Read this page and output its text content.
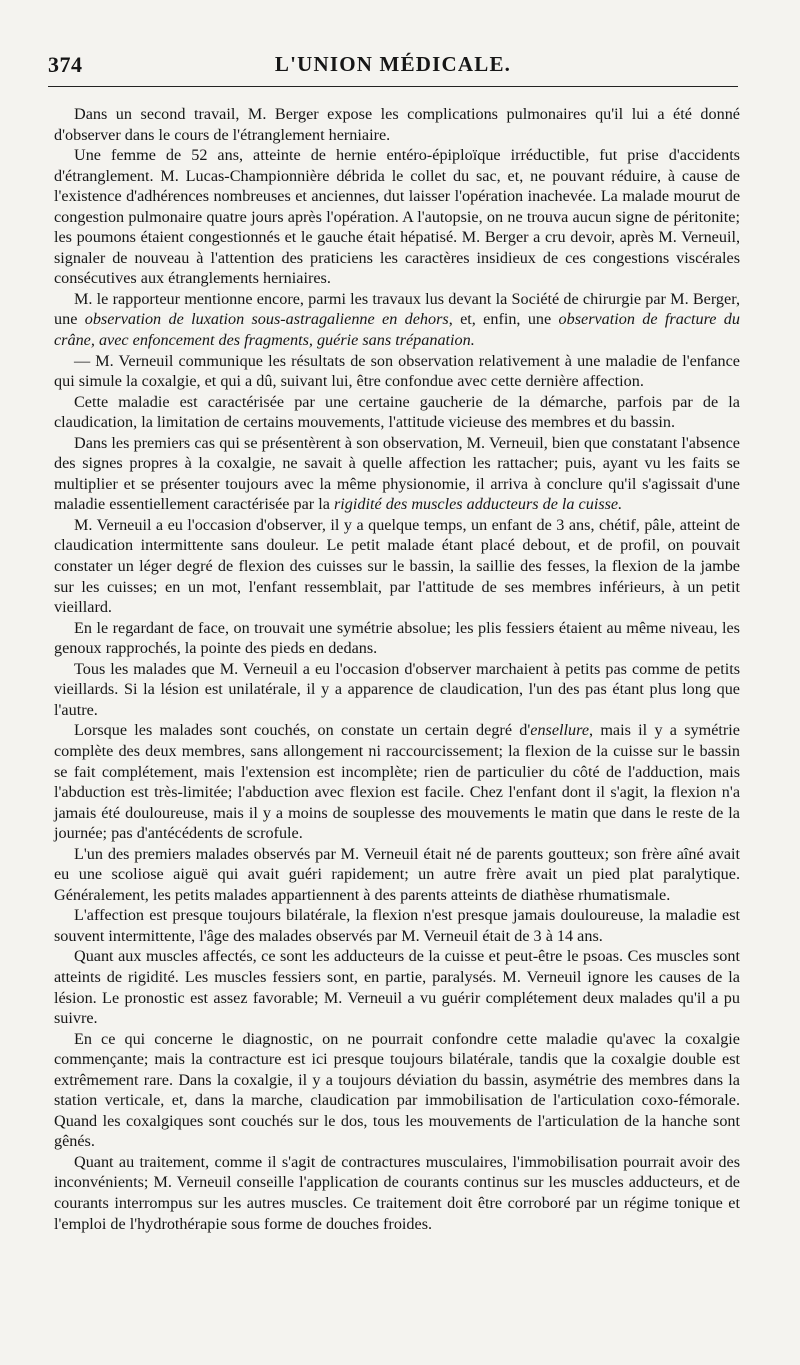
374	L'UNION MÉDICALE.

Dans un second travail, M. Berger expose les complications pulmonaires qu'il lui a été donné d'observer dans le cours de l'étranglement herniaire.

Une femme de 52 ans, atteinte de hernie entéro-épiploïque irréductible, fut prise d'accidents d'étranglement. M. Lucas-Championnière débrida le collet du sac, et, ne pouvant réduire, à cause de l'existence d'adhérences nombreuses et anciennes, dut laisser l'opération inachevée. La malade mourut de congestion pulmonaire quatre jours après l'opération. A l'autopsie, on ne trouva aucun signe de péritonite; les poumons étaient congestionnés et le gauche était hépatisé. M. Berger a cru devoir, après M. Verneuil, signaler de nouveau à l'attention des praticiens les caractères insidieux de ces congestions viscérales consécutives aux étranglements herniaires.

M. le rapporteur mentionne encore, parmi les travaux lus devant la Société de chirurgie par M. Berger, une observation de luxation sous-astragalienne en dehors, et, enfin, une observation de fracture du crâne, avec enfoncement des fragments, guérie sans trépanation.

— M. Verneuil communique les résultats de son observation relativement à une maladie de l'enfance qui simule la coxalgie, et qui a dû, suivant lui, être confondue avec cette dernière affection.

Cette maladie est caractérisée par une certaine gaucherie de la démarche, parfois par de la claudication, la limitation de certains mouvements, l'attitude vicieuse des membres et du bassin.

Dans les premiers cas qui se présentèrent à son observation, M. Verneuil, bien que constatant l'absence des signes propres à la coxalgie, ne savait à quelle affection les rattacher; puis, ayant vu les faits se multiplier et se présenter toujours avec la même physionomie, il arriva à conclure qu'il s'agissait d'une maladie essentiellement caractérisée par la rigidité des muscles adducteurs de la cuisse.

M. Verneuil a eu l'occasion d'observer, il y a quelque temps, un enfant de 3 ans, chétif, pâle, atteint de claudication intermittente sans douleur. Le petit malade étant placé debout, et de profil, on pouvait constater un léger degré de flexion des cuisses sur le bassin, la saillie des fesses, la flexion de la jambe sur les cuisses; en un mot, l'enfant ressemblait, par l'attitude de ses membres inférieurs, à un petit vieillard.

En le regardant de face, on trouvait une symétrie absolue; les plis fessiers étaient au même niveau, les genoux rapprochés, la pointe des pieds en dedans.

Tous les malades que M. Verneuil a eu l'occasion d'observer marchaient à petits pas comme de petits vieillards. Si la lésion est unilatérale, il y a apparence de claudication, l'un des pas étant plus long que l'autre.

Lorsque les malades sont couchés, on constate un certain degré d'ensellure, mais il y a symétrie complète des deux membres, sans allongement ni raccourcissement; la flexion de la cuisse sur le bassin se fait complétement, mais l'extension est incomplète; rien de particulier du côté de l'adduction, mais l'abduction est très-limitée; l'abduction avec flexion est facile. Chez l'enfant dont il s'agit, la flexion n'a jamais été douloureuse, mais il y a moins de souplesse des mouvements le matin que dans le reste de la journée; pas d'antécédents de scrofule.

L'un des premiers malades observés par M. Verneuil était né de parents goutteux; son frère aîné avait eu une scoliose aiguë qui avait guéri rapidement; un autre frère avait un pied plat paralytique. Généralement, les petits malades appartiennent à des parents atteints de diathèse rhumatismale.

L'affection est presque toujours bilatérale, la flexion n'est presque jamais douloureuse, la maladie est souvent intermittente, l'âge des malades observés par M. Verneuil était de 3 à 14 ans.

Quant aux muscles affectés, ce sont les adducteurs de la cuisse et peut-être le psoas. Ces muscles sont atteints de rigidité. Les muscles fessiers sont, en partie, paralysés. M. Verneuil ignore les causes de la lésion. Le pronostic est assez favorable; M. Verneuil a vu guérir complétement deux malades qu'il a pu suivre.

En ce qui concerne le diagnostic, on ne pourrait confondre cette maladie qu'avec la coxalgie commençante; mais la contracture est ici presque toujours bilatérale, tandis que la coxalgie double est extrêmement rare. Dans la coxalgie, il y a toujours déviation du bassin, asymétrie des membres dans la station verticale, et, dans la marche, claudication par immobilisation de l'articulation coxo-fémorale. Quand les coxalgiques sont couchés sur le dos, tous les mouvements de l'articulation de la hanche sont gênés.

Quant au traitement, comme il s'agit de contractures musculaires, l'immobilisation pourrait avoir des inconvénients; M. Verneuil conseille l'application de courants continus sur les muscles adducteurs, et de courants interrompus sur les autres muscles. Ce traitement doit être corroboré par un régime tonique et l'emploi de l'hydrothérapie sous forme de douches froides.
